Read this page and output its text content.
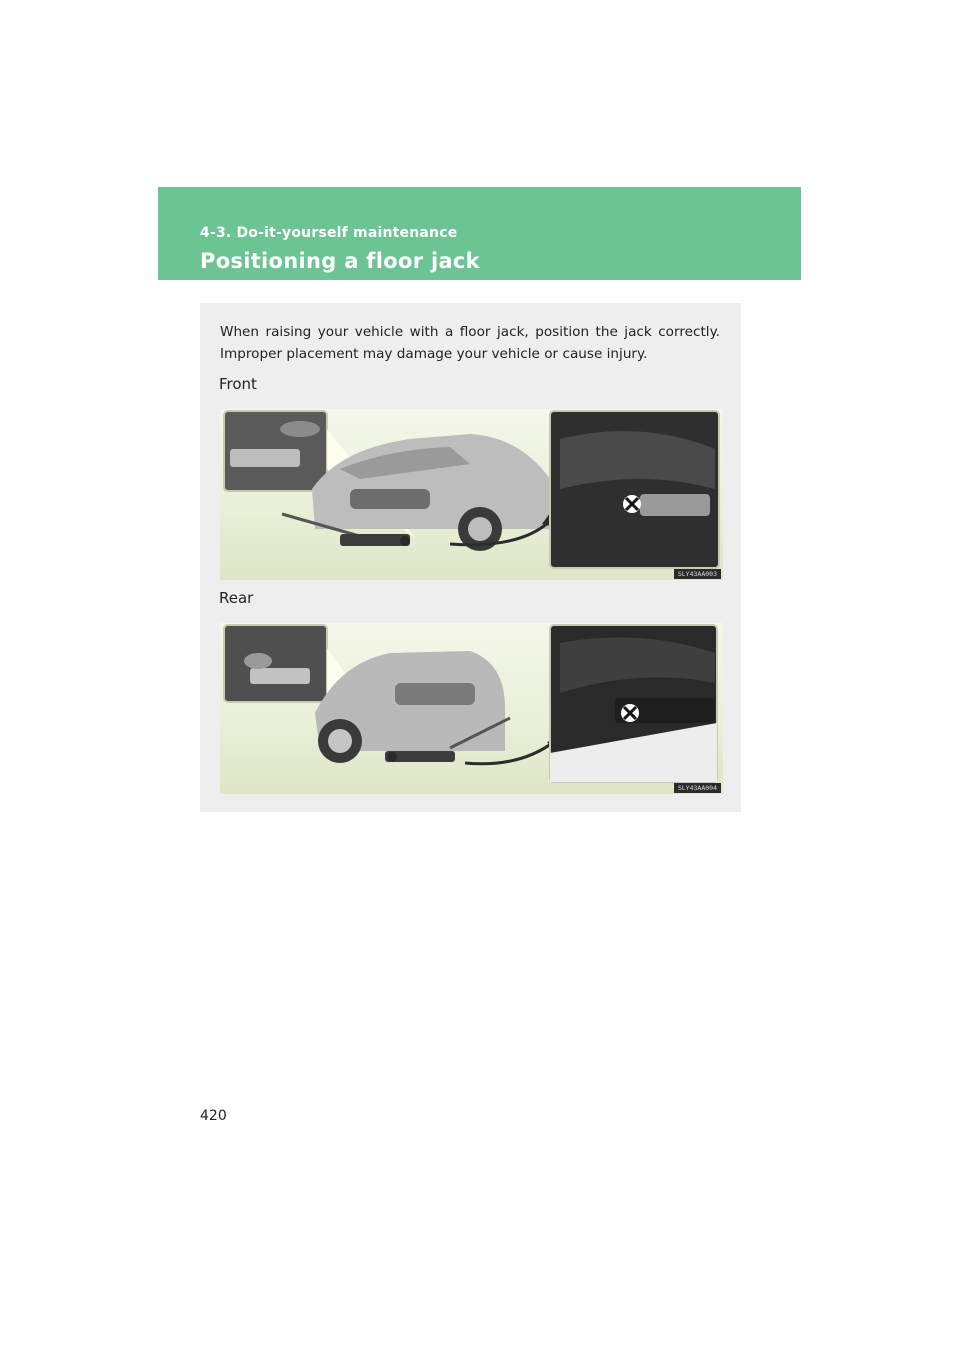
4-3. Do-it-yourself maintenance
Positioning a floor jack
When raising your vehicle with a floor jack, position the jack correctly. Improper placement may damage your vehicle or cause injury.
Front
SLY43AA003
Rear
SLY43AA004
420
